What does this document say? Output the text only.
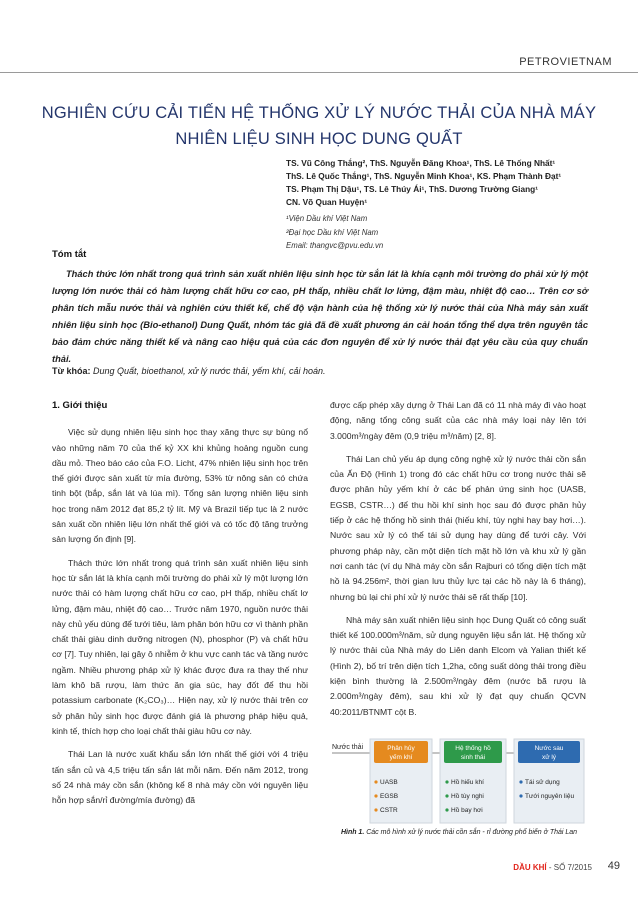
PETROVIETNAM
NGHIÊN CỨU CẢI TIẾN HỆ THỐNG XỬ LÝ NƯỚC THẢI CỦA NHÀ MÁY
NHIÊN LIỆU SINH HỌC DUNG QUẤT
TS. Vũ Công Thắng², ThS. Nguyễn Đăng Khoa¹, ThS. Lê Thống Nhất¹
ThS. Lê Quốc Thắng¹, ThS. Nguyễn Minh Khoa¹, KS. Phạm Thành Đạt¹
TS. Phạm Thị Dậu¹, TS. Lê Thúy Ái¹, ThS. Dương Trường Giang¹
CN. Võ Quan Huyện¹
¹Viện Dầu khí Việt Nam
²Đại học Dầu khí Việt Nam
Email: thangvc@pvu.edu.vn
Tóm tắt
Thách thức lớn nhất trong quá trình sản xuất nhiên liệu sinh học từ sắn lát là khía cạnh môi trường do phải xử lý một lượng lớn nước thải có hàm lượng chất hữu cơ cao, pH thấp, nhiều chất lơ lửng, đậm màu, nhiệt độ cao… Trên cơ sở phân tích mẫu nước thải và nghiên cứu thiết kế, chế độ vận hành của hệ thống xử lý nước thải của Nhà máy sản xuất nhiên liệu sinh học (Bio-ethanol) Dung Quất, nhóm tác giả đã đề xuất phương án cải hoán tổng thể dựa trên nguyên tắc bảo đảm chức năng thiết kế và nâng cao hiệu quả của các đơn nguyên để xử lý nước thải đạt yêu cầu của quy chuẩn thải.
Từ khóa: Dung Quất, bioethanol, xử lý nước thải, yếm khí, cải hoán.
1. Giới thiệu

Việc sử dụng nhiên liệu sinh học thay xăng thực sự bùng nổ vào những năm 70 của thế kỷ XX khi khủng hoảng nguồn cung dầu mỏ. Theo báo cáo của F.O. Licht, 47% nhiên liệu sinh học trên thế giới được sản xuất từ mía đường, 53% từ nông sản có chứa tinh bột (bắp, sắn lát và lúa mì). Tổng sản lượng nhiên liệu sinh học trong năm 2012 đạt 85,2 tỷ lít. Mỹ và Brazil tiếp tục là 2 nước sản xuất cồn nhiên liệu lớn nhất thế giới và có tốc độ tăng trưởng sản lượng ổn định [9].

Thách thức lớn nhất trong quá trình sản xuất nhiên liệu sinh học từ sắn lát là khía cạnh môi trường do phải xử lý một lượng lớn nước thải có hàm lượng chất hữu cơ cao, pH thấp, nhiều chất lơ lửng, đậm màu, nhiệt độ cao… Trước năm 1970, nguồn nước thải này chủ yếu dùng để tưới tiêu, làm phân bón hữu cơ vì thành phần chất thải giàu dinh dưỡng nitrogen (N), phosphor (P) và chất hữu cơ [7]. Tuy nhiên, lại gây ô nhiễm ở khu vực canh tác và tầng nước ngầm. Nhiều phương pháp xử lý khác được đưa ra thay thế như làm khô bã rượu, làm thức ăn gia súc, hay đốt để thu hồi potassium carbonate (K₂CO₃)… Hiện nay, xử lý nước thải trên cơ sở phân hủy sinh học được đánh giá là phương pháp hiệu quả, kinh tế, thích hợp cho loại chất thải giàu hữu cơ này.

Thái Lan là nước xuất khẩu sắn lớn nhất thế giới với 4 triệu tấn sắn củ và 4,5 triệu tấn sắn lát mỗi năm. Đến năm 2012, trong số 24 nhà máy cồn sắn (không kể 8 nhà máy cồn với nguyên liệu hỗn hợp sắn/rỉ đường/mía đường) đã

được cấp phép xây dựng ở Thái Lan đã có 11 nhà máy đi vào hoạt động, năng tổng công suất của các nhà máy loại này lên tới 3.000m³/ngày đêm (0,9 triệu m³/năm) [2, 8].

Thái Lan chủ yếu áp dụng công nghệ xử lý nước thải cồn sắn của Ấn Độ (Hình 1) trong đó các chất hữu cơ trong nước thải sẽ được phân hủy yếm khí ở các bể phản ứng sinh học (UASB, EGSB, CSTR…) để thu hồi khí sinh học sau đó được phân hủy tiếp ở các hệ thống hồ sinh thái (hiếu khí, tùy nghi hay bay hơi…). Nước sau xử lý có thể tái sử dụng hay dùng để tưới cây. Với phương pháp này, cần một diện tích mặt hồ lớn và khu xử lý gần nơi canh tác (ví dụ Nhà máy cồn sắn Rajburi có tổng diện tích mặt hồ là 94.256m², thời gian lưu thủy lực tại các hồ này là 6 tháng), nhưng bù lại chi phí xử lý nước thải sẽ rất thấp [10].

Nhà máy sản xuất nhiên liệu sinh học Dung Quất có công suất thiết kế 100.000m³/năm, sử dụng nguyên liệu sắn lát. Hệ thống xử lý nước thải của Nhà máy do Liên danh Elcom và Yalian thiết kế (Hình 2), bố trí trên diện tích 1,2ha, công suất dòng thải trong điều kiện bình thường là 2.500m³/ngày đêm (nước bã rượu là 2.000m³/ngày đêm), sau khi xử lý đạt quy chuẩn QCVN 40:2011/BTNMT cột B.

Nước thải	Phân hủy
yếm khí
UASB
EGSB
CSTR
Hệ thống hồ
sinh thái
Hồ hiếu khí
Hồ tùy nghi
Hồ bay hơi
Nước sau
xử lý
Tái sử dụng
Tưới nguyên liệu
Hình 1. Các mô hình xử lý nước thải cồn sắn - rỉ đường phổ biến ở Thái Lan
DẦU KHÍ - SỐ 7/2015 49
